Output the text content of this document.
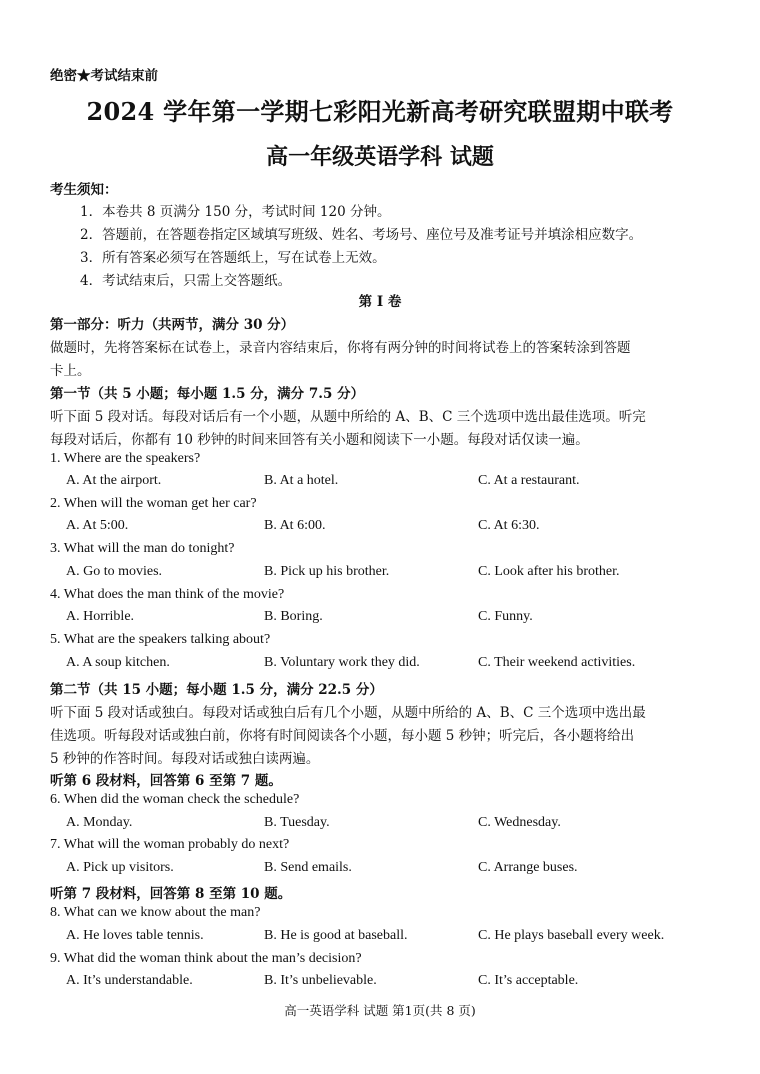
绝密★考试结束前
2024 学年第一学期七彩阳光新高考研究联盟期中联考
高一年级英语学科 试题
考生须知：
1．本卷共 8 页满分 150 分，考试时间 120 分钟。
2．答题前，在答题卷指定区域填写班级、姓名、考场号、座位号及准考证号并填涂相应数字。
3．所有答案必须写在答题纸上，写在试卷上无效。
4．考试结束后，只需上交答题纸。
第 I 卷
第一部分：听力（共两节，满分 30 分）
做题时，先将答案标在试卷上，录音内容结束后，你将有两分钟的时间将试卷上的答案转涂到答题
卡上。
第一节（共 5 小题；每小题 1.5 分，满分 7.5 分）
听下面 5 段对话。每段对话后有一个小题，从题中所给的 A、B、C 三个选项中选出最佳选项。听完
每段对话后，你都有 10 秒钟的时间来回答有关小题和阅读下一小题。每段对话仅读一遍。
1. Where are the speakers?
A. At the airport.	B. At a hotel.	C. At a restaurant.
2. When will the woman get her car?
A. At 5:00.	B. At 6:00.	C. At 6:30.
3. What will the man do tonight?
A. Go to movies.	B. Pick up his brother.	C. Look after his brother.
4. What does the man think of the movie?
A. Horrible.	B. Boring.	C. Funny.
5. What are the speakers talking about?
A. A soup kitchen.	B. Voluntary work they did.	C. Their weekend activities.
第二节（共 15 小题；每小题 1.5 分，满分 22.5 分）
听下面 5 段对话或独白。每段对话或独白后有几个小题，从题中所给的 A、B、C 三个选项中选出最
佳选项。听每段对话或独白前，你将有时间阅读各个小题，每小题 5 秒钟；听完后，各小题将给出
5 秒钟的作答时间。每段对话或独白读两遍。
听第 6 段材料，回答第 6 至第 7 题。
6. When did the woman check the schedule?
A. Monday.	B. Tuesday.	C. Wednesday.
7. What will the woman probably do next?
A. Pick up visitors.	B. Send emails.	C. Arrange buses.
听第 7 段材料，回答第 8 至第 10 题。
8. What can we know about the man?
A. He loves table tennis.	B. He is good at baseball.	C. He plays baseball every week.
9. What did the woman think about the man’s decision?
A. It’s understandable.	B. It’s unbelievable.	C. It’s acceptable.
高一英语学科 试题 第1页(共 8 页)
